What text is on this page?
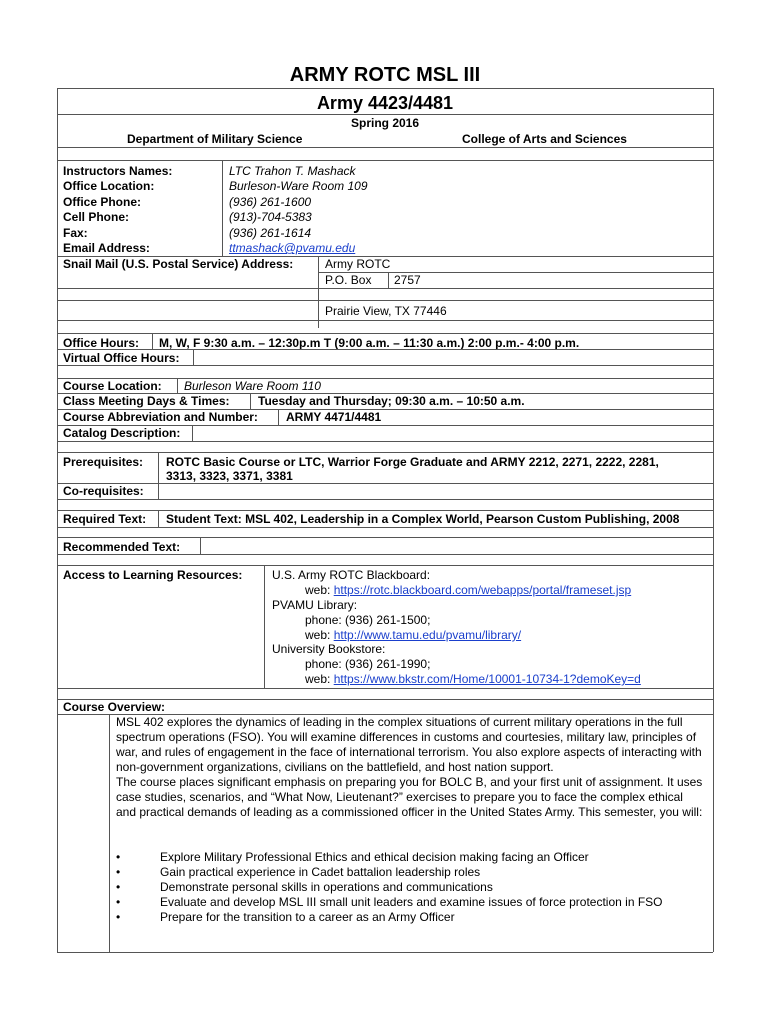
ARMY ROTC MSL III
Army 4423/4481
Spring 2016
Department of Military Science	College of Arts and Sciences
Instructors Names:	LTC Trahon T. Mashack
Office Location:	Burleson-Ware Room 109
Office Phone:	(936) 261-1600
Cell Phone:	(913)-704-5383
Fax:	(936) 261-1614
Email Address:	ttmashack@pvamu.edu
Snail Mail (U.S. Postal Service) Address:	Army ROTC
P.O. Box 2757
Prairie View, TX 77446
Office Hours: M, W, F 9:30 a.m. – 12:30p.m T (9:00 a.m. – 11:30 a.m.) 2:00 p.m.- 4:00 p.m.
Virtual Office Hours:
Course Location: Burleson Ware Room 110
Class Meeting Days & Times: Tuesday and Thursday; 09:30 a.m. – 10:50 a.m.
Course Abbreviation and Number: ARMY 4471/4481
Catalog Description:
Prerequisites: ROTC Basic Course or LTC, Warrior Forge Graduate and ARMY 2212, 2271, 2222, 2281,
3313, 3323, 3371, 3381
Co-requisites:
Required Text: Student Text: MSL 402, Leadership in a Complex World, Pearson Custom Publishing, 2008
Recommended Text:
Access to Learning Resources: U.S. Army ROTC Blackboard:
web: https://rotc.blackboard.com/webapps/portal/frameset.jsp
PVAMU Library:
phone: (936) 261-1500;
web: http://www.tamu.edu/pvamu/library/
University Bookstore:
phone: (936) 261-1990;
web: https://www.bkstr.com/Home/10001-10734-1?demoKey=d
Course Overview:
MSL 402 explores the dynamics of leading in the complex situations of current military operations in the full spectrum operations (FSO). You will examine differences in customs and courtesies, military law, principles of war, and rules of engagement in the face of international terrorism. You also explore aspects of interacting with non-government organizations, civilians on the battlefield, and host nation support.
The course places significant emphasis on preparing you for BOLC B, and your first unit of assignment. It uses case studies, scenarios, and “What Now, Lieutenant?” exercises to prepare you to face the complex ethical and practical demands of leading as a commissioned officer in the United States Army. This semester, you will:
•	Explore Military Professional Ethics and ethical decision making facing an Officer
•	Gain practical experience in Cadet battalion leadership roles
•	Demonstrate personal skills in operations and communications
•	Evaluate and develop MSL III small unit leaders and examine issues of force protection in FSO
•	Prepare for the transition to a career as an Army Officer
